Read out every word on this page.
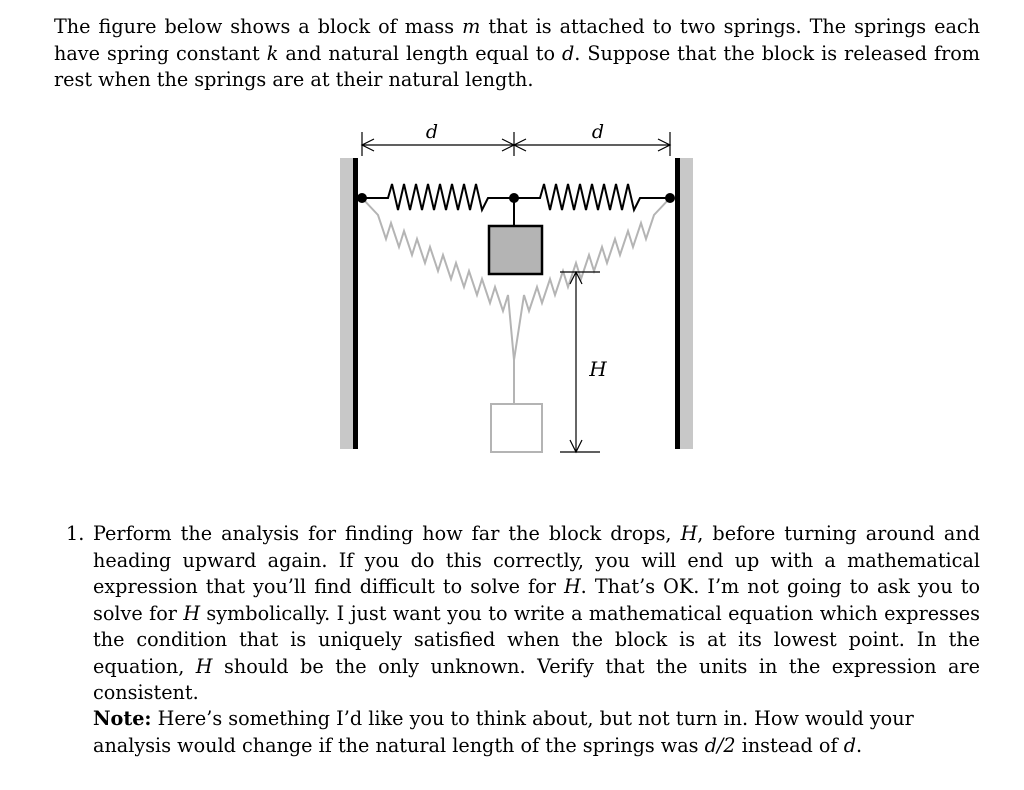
The figure below shows a block of mass m that is attached to two springs. The springs each have spring constant k and natural length equal to d. Suppose that the block is released from rest when the springs are at their natural length.

d	d
H
1. Perform the analysis for finding how far the block drops, H, before turning around and heading upward again. If you do this correctly, you will end up with a mathematical expression that you’ll find difficult to solve for H. That’s OK. I’m not going to ask you to solve for H symbolically. I just want you to write a mathematical equation which expresses the condition that is uniquely satisfied when the block is at its lowest point. In the equation, H should be the only unknown. Verify that the units in the expression are consistent.

Note: Here’s something I’d like you to think about, but not turn in. How would your analysis would change if the natural length of the springs was d/2 instead of d.
